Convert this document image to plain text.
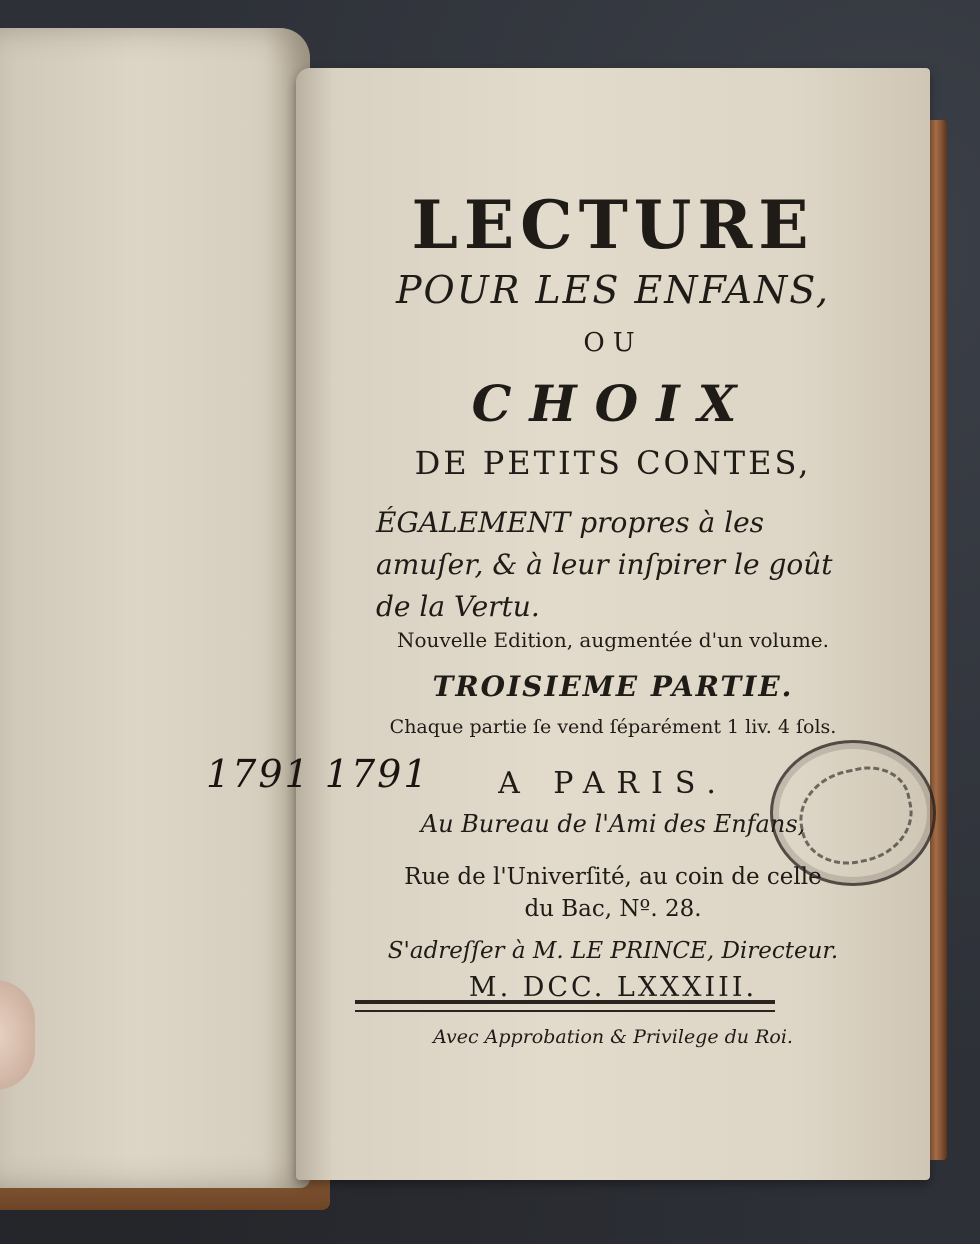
LECTURE
POUR LES ENFANS,
OU
CHOIX
DE PETITS CONTES,
ÉGALEMENT propres à les amuſer, & à leur inſpirer le goût de la Vertu.
Nouvelle Edition, augmentée d'un volume.
TROISIEME PARTIE.
Chaque partie ſe vend ſéparément 1 liv. 4 ſols.
A PARIS.
Au Bureau de l'Ami des Enfans,
Rue de l'Univerſité, au coin de celle
du Bac, Nº. 28.
S'adreſſer à M. LE PRINCE, Directeur.
M. DCC. LXXXIII.
Avec Approbation & Privilege du Roi.
1791 1791
